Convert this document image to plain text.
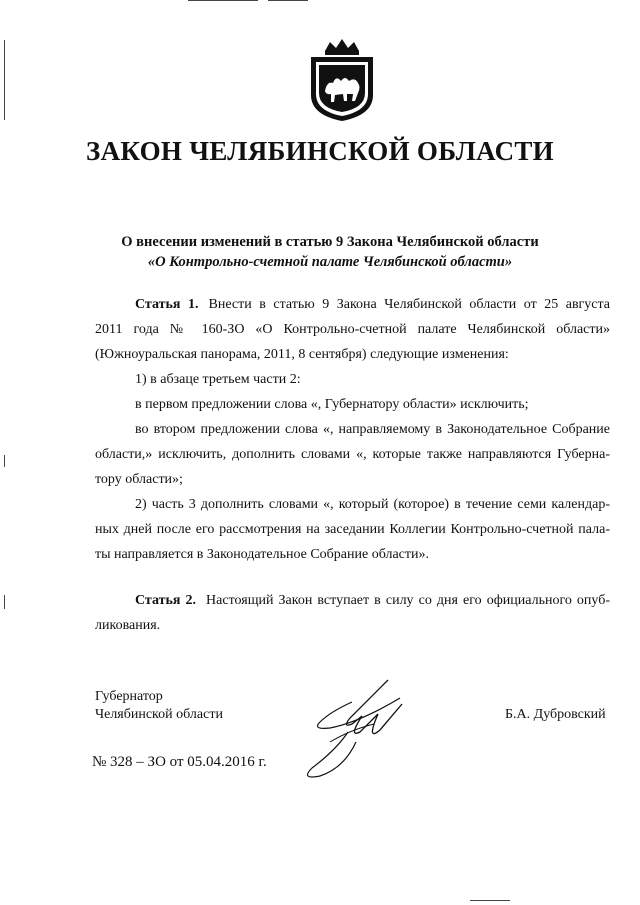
ЗАКОН ЧЕЛЯБИНСКОЙ ОБЛАСТИ
О внесении изменений в статью 9 Закона Челябинской области
«О Контрольно-счетной палате Челябинской области»
Статья 1. Внести в статью 9 Закона Челябинской области от 25 августа
2011 года № 160-ЗО «О Контрольно-счетной палате Челябинской области»
(Южноуральская панорама, 2011, 8 сентября) следующие изменения:
1) в абзаце третьем части 2:
в первом предложении слова «, Губернатору области» исключить;
во втором предложении слова «, направляемому в Законодательное Собрание
области,» исключить, дополнить словами «, которые также направляются Губерна-
тору области»;
2) часть 3 дополнить словами «, который (которое) в течение семи календар-
ных дней после его рассмотрения на заседании Коллегии Контрольно-счетной пала-
ты направляется в Законодательное Собрание области».
Статья 2. Настоящий Закон вступает в силу со дня его официального опуб-
ликования.
Губернатор
Челябинской области	Б.А. Дубровский
№ 328 – ЗО от 05.04.2016 г.
